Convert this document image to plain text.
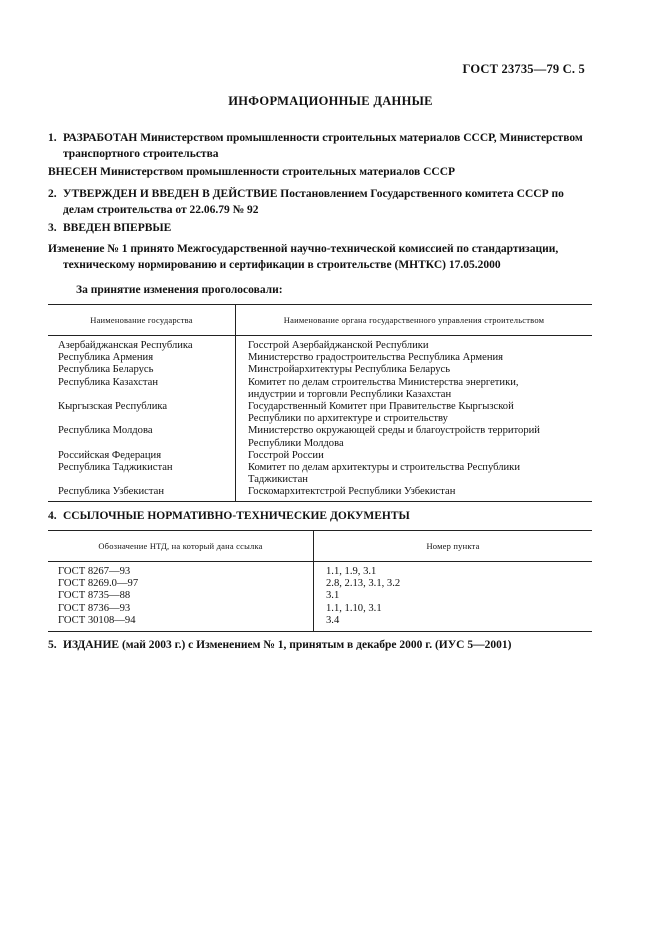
ГОСТ 23735—79 С. 5
ИНФОРМАЦИОННЫЕ ДАННЫЕ
1. РАЗРАБОТАН Министерством промышленности строительных материалов СССР, Министерством
транспортного строительства
ВНЕСЕН Министерством промышленности строительных материалов СССР
2. УТВЕРЖДЕН И ВВЕДЕН В ДЕЙСТВИЕ Постановлением Государственного комитета СССР по
делам строительства от 22.06.79 № 92
3. ВВЕДЕН ВПЕРВЫЕ
Изменение № 1 принято Межгосударственной научно-технической комиссией по стандартизации,
техническому нормированию и сертификации в строительстве (МНТКС) 17.05.2000
За принятие изменения проголосовали:
Наименование государства	Наименование органа государственного управления строительством
Азербайджанская Республика	Госстрой Азербайджанской Республики

Республика Армения	Министерство градостроительства Республика Армения

Республика Беларусь	Минстройархитектуры Республика Беларусь

Республика Казахстан	Комитет по делам строительства Министерства энергетики,
индустрии и торговли Республики Казахстан

Кыргызская Республика	Государственный Комитет при Правительстве Кыргызской
Республики по архитектуре и строительству

Республика Молдова	Министерство окружающей среды и благоустройств территорий
Республики Молдова

Российская Федерация	Госстрой России

Республика Таджикистан	Комитет по делам архитектуры и строительства Республики
Таджикистан

Республика Узбекистан	Госкомархитектстрой Республики Узбекистан
4. ССЫЛОЧНЫЕ НОРМАТИВНО-ТЕХНИЧЕСКИЕ ДОКУМЕНТЫ
Обозначение НТД, на который дана ссылка	Номер пункта
ГОСТ 8267—93	1.1, 1.9, 3.1
ГОСТ 8269.0—97	2.8, 2.13, 3.1, 3.2
ГОСТ 8735—88	3.1
ГОСТ 8736—93	1.1, 1.10, 3.1
ГОСТ 30108—94	3.4
5. ИЗДАНИЕ (май 2003 г.) с Изменением № 1, принятым в декабре 2000 г. (ИУС 5—2001)
